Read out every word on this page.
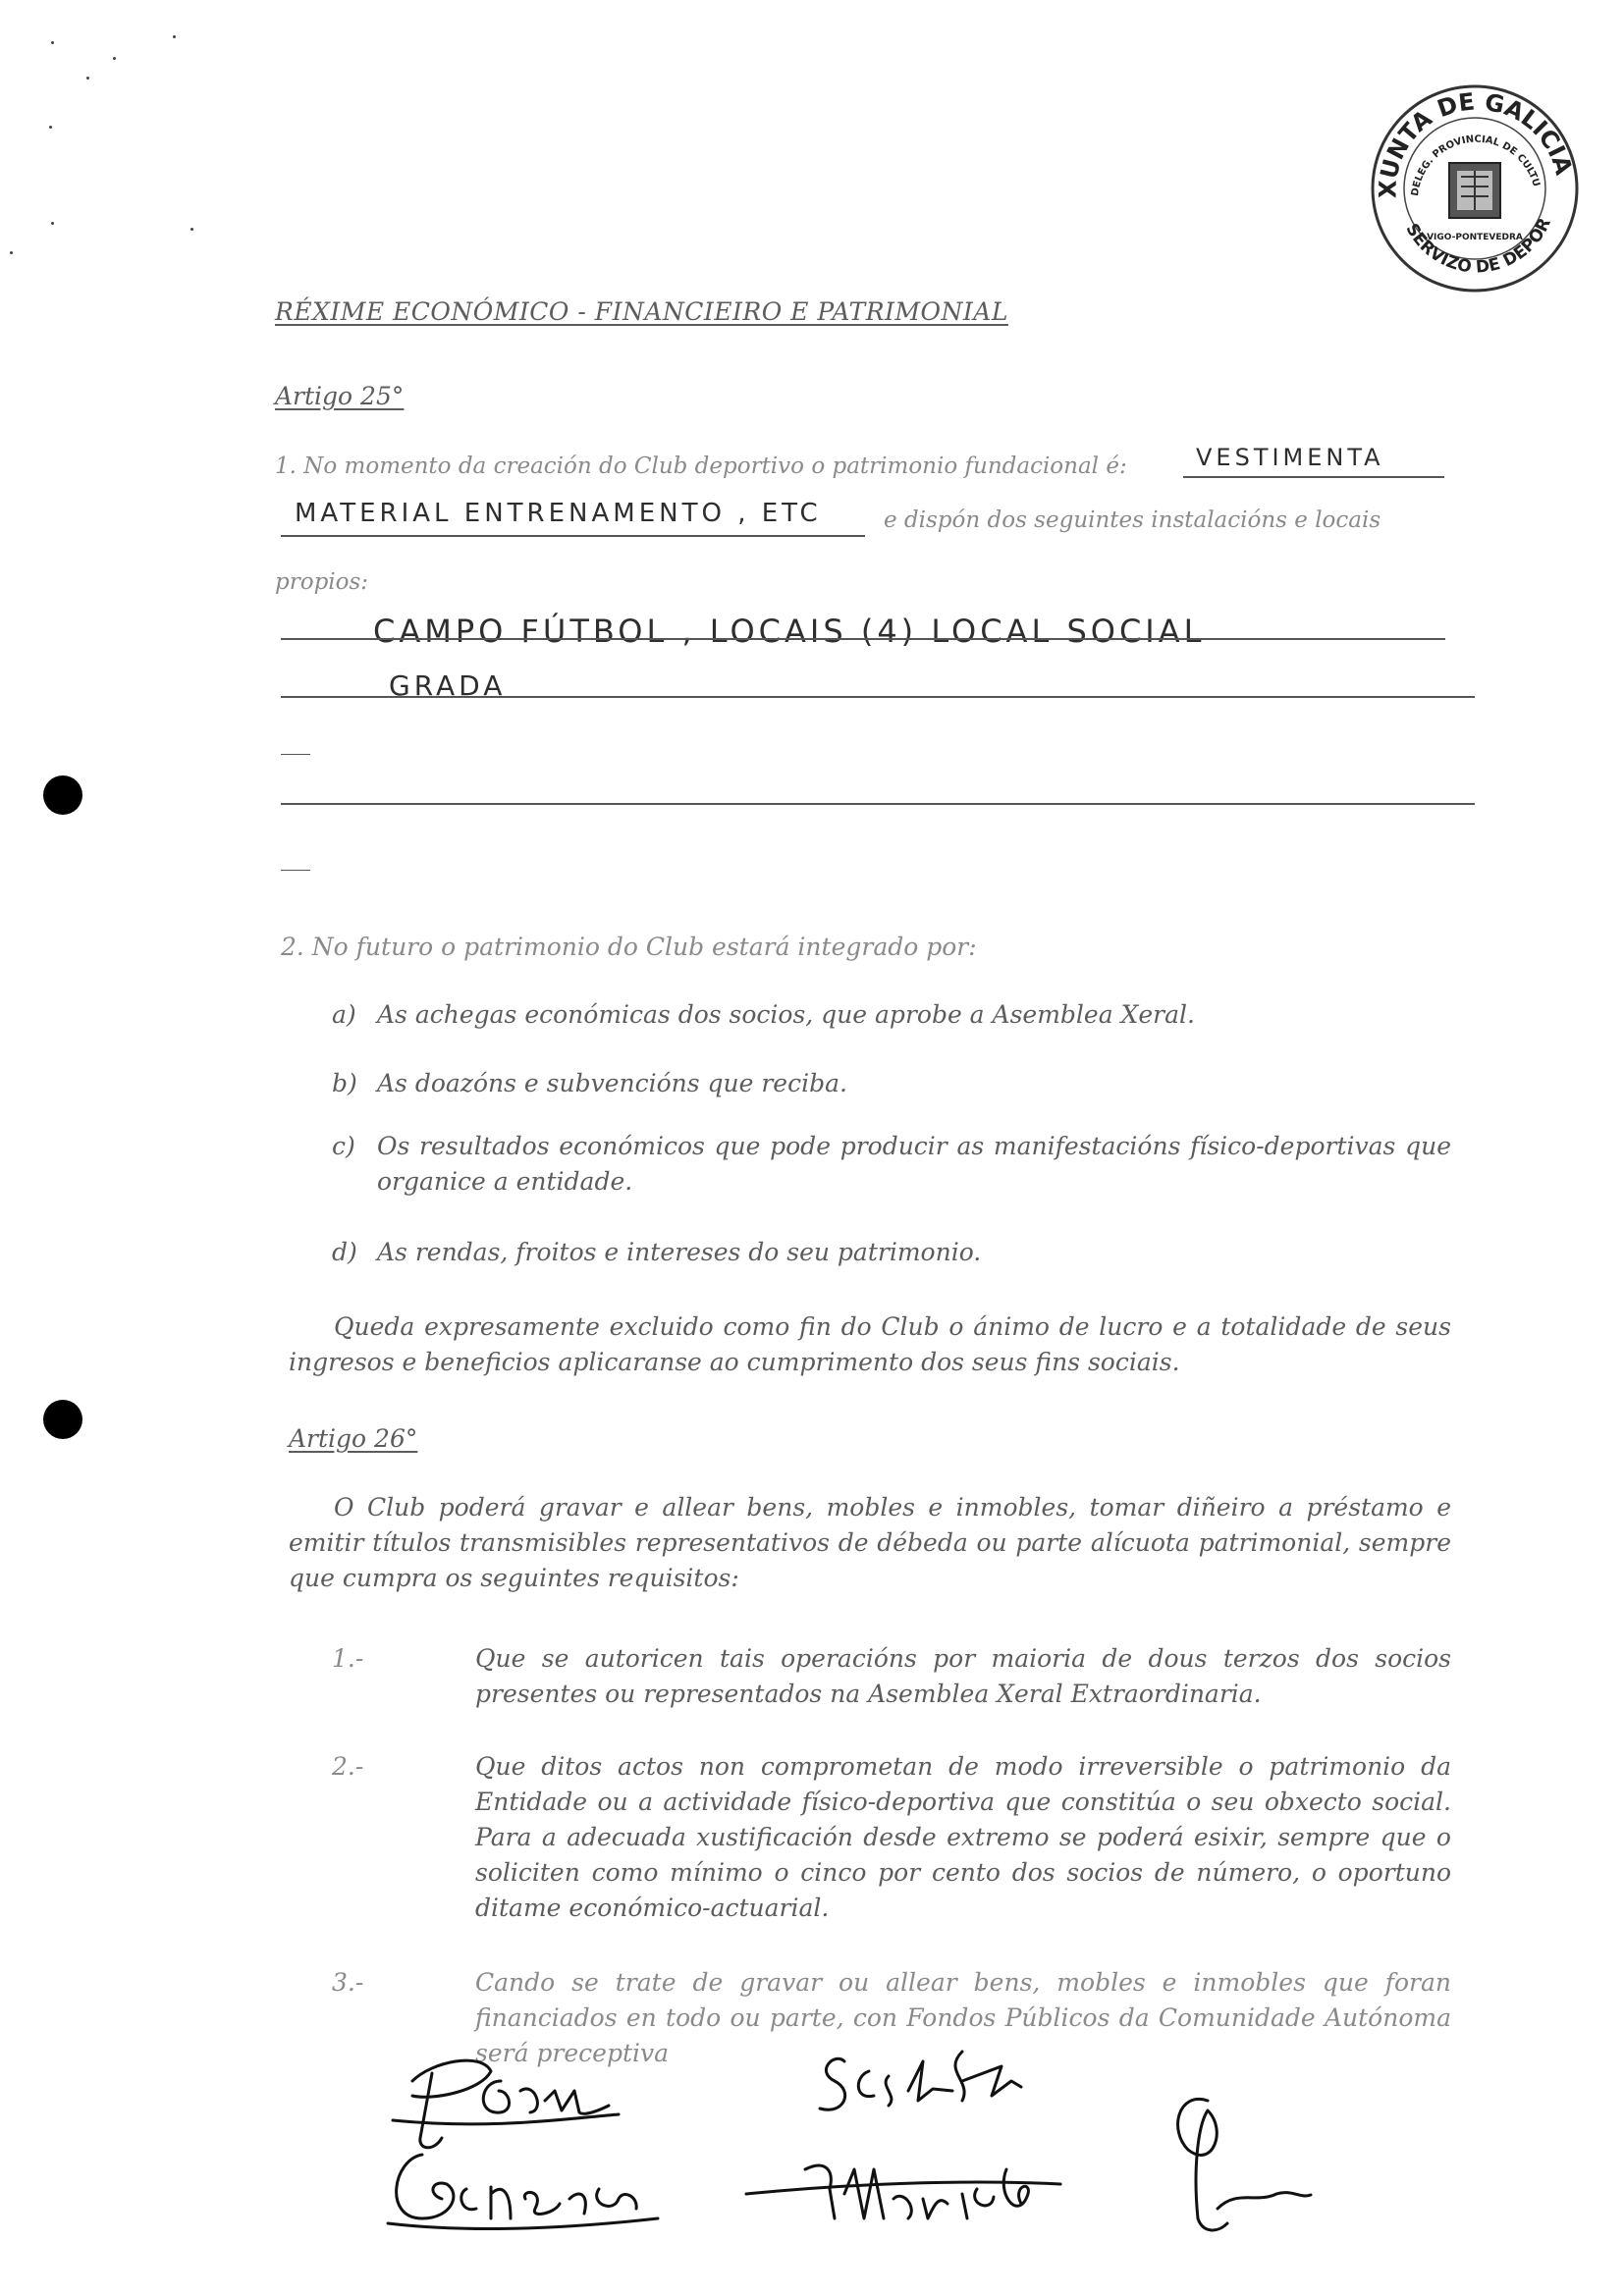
XUNTA DE GALICIA
DELEG. PROVINCIAL DE CULTU
SERVIZO DE DEPOR
VIGO-PONTEVEDRA
RÉXIME ECONÓMICO - FINANCIEIRO E PATRIMONIAL
Artigo 25°
1. No momento da creación do Club deportivo o patrimonio fundacional é:	VESTIMENTA
MATERIAL ENTRENAMENTO , ETC	e dispón dos seguintes instalacións e locais
propios:
CAMPO FÚTBOL , LOCAIS (4) LOCAL SOCIAL
GRADA
2. No futuro o patrimonio do Club estará integrado por:
a) As achegas económicas dos socios, que aprobe a Asemblea Xeral.
b) As doazóns e subvencións que reciba.
c) Os resultados económicos que pode producir as manifestacións físico-deportivas que organice a entidade.
d) As rendas, froitos e intereses do seu patrimonio.
Queda expresamente excluido como fin do Club o ánimo de lucro e a totalidade de seus ingresos e beneficios aplicaranse ao cumprimento dos seus fins sociais.
Artigo 26°
O Club poderá gravar e allear bens, mobles e inmobles, tomar diñeiro a préstamo e emitir títulos transmisibles representativos de débeda ou parte alícuota patrimonial, sempre que cumpra os seguintes requisitos:
1.-	Que se autoricen tais operacións por maioria de dous terzos dos socios presentes ou representados na Asemblea Xeral Extraordinaria.
2.-	Que ditos actos non comprometan de modo irreversible o patrimonio da Entidade ou a actividade físico-deportiva que constitúa o seu obxecto social. Para a adecuada xustificación desde extremo se poderá esixir, sempre que o soliciten como mínimo o cinco por cento dos socios de número, o oportuno ditame económico-actuarial.
3.-	Cando se trate de gravar ou allear bens, mobles e inmobles que foran financiados en todo ou parte, con Fondos Públicos da Comunidade Autónoma será preceptiva
